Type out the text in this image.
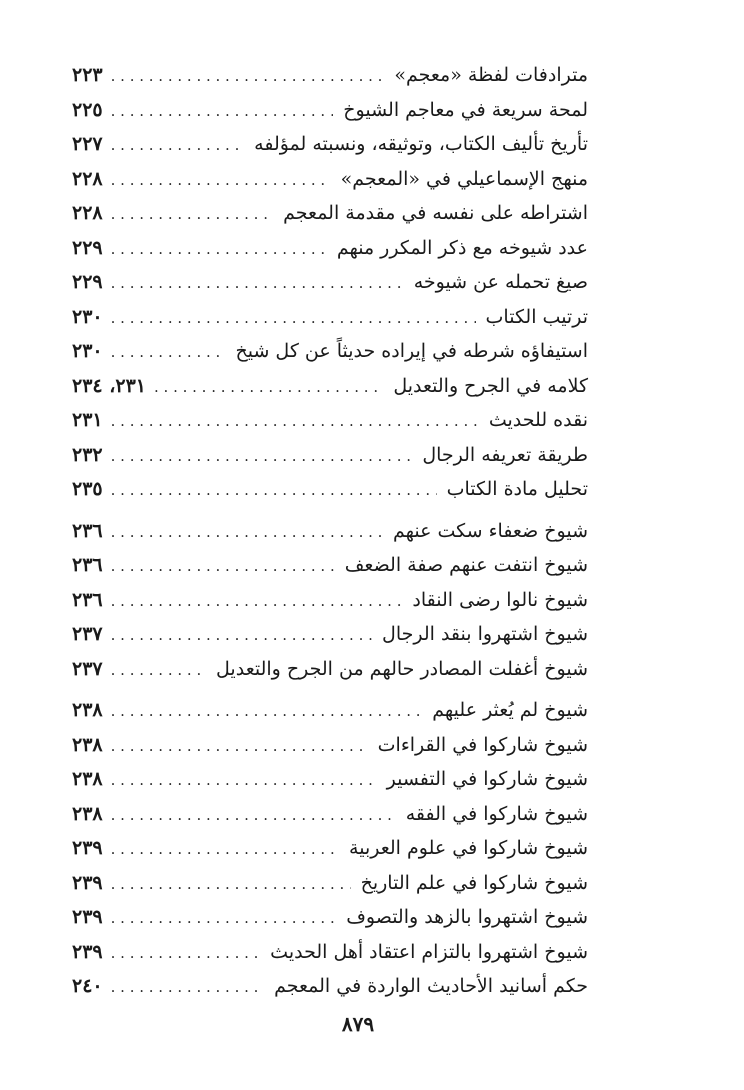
مترادفات لفظة «معجم»
. . .
٢٢٣
لمحة سريعة في معاجم الشيوخ
. . .
٢٢٥
تأريخ تأليف الكتاب، وتوثيقه، ونسبته لمؤلفه
. . .
٢٢٧
منهج الإسماعيلي في «المعجم»
. . .
٢٢٨
اشتراطه على نفسه في مقدمة المعجم
. . .
٢٢٨
عدد شيوخه مع ذكر المكرر منهم
. . .
٢٢٩
صيغ تحمله عن شيوخه
. . .
٢٢٩
ترتيب الكتاب
. . .
٢٣٠
استيفاؤه شرطه في إيراده حديثاً عن كل شيخ
. . .
٢٣٠
كلامه في الجرح والتعديل
. . .
٢٣١، ٢٣٤
نقده للحديث
. . .
٢٣١
طريقة تعريفه الرجال
. . .
٢٣٢
تحليل مادة الكتاب
. . .
٢٣٥
شيوخ ضعفاء سكت عنهم
. . .
٢٣٦
شيوخ انتفت عنهم صفة الضعف
. . .
٢٣٦
شيوخ نالوا رضى النقاد
. . .
٢٣٦
شيوخ اشتهروا بنقد الرجال
. . .
٢٣٧
شيوخ أغفلت المصادر حالهم من الجرح والتعديل
. . .
٢٣٧
شيوخ لم يُعثر عليهم
. . .
٢٣٨
شيوخ شاركوا في القراءات
. . .
٢٣٨
شيوخ شاركوا في التفسير
. . .
٢٣٨
شيوخ شاركوا في الفقه
. . .
٢٣٨
شيوخ شاركوا في علوم العربية
. . .
٢٣٩
شيوخ شاركوا في علم التاريخ
. . .
٢٣٩
شيوخ اشتهروا بالزهد والتصوف
. . .
٢٣٩
شيوخ اشتهروا بالتزام اعتقاد أهل الحديث
. . .
٢٣٩
حكم أسانيد الأحاديث الواردة في المعجم
. . .
٢٤٠
٨٧٩
